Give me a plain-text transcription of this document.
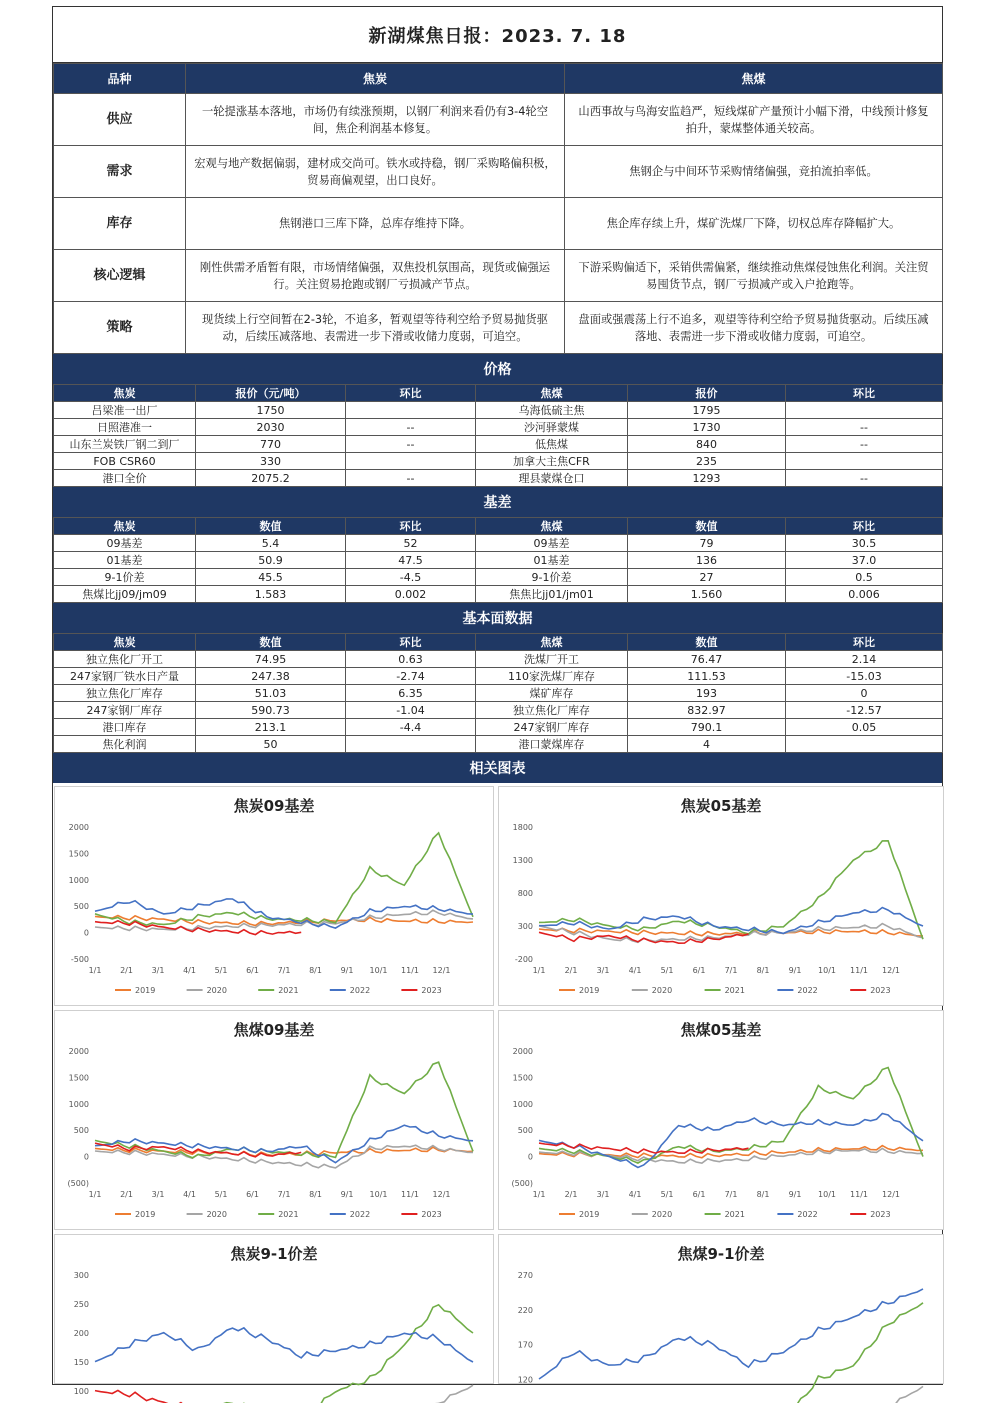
新湖煤焦日报：2023. 7. 18
品种	焦炭	焦煤
供应	一轮提涨基本落地，市场仍有续涨预期，以钢厂利润来看仍有3-4轮空间，焦企利润基本修复。	山西事故与鸟海安监趋严，短线煤矿产量预计小幅下滑，中线预计修复拍升，蒙煤整体通关较高。
需求	宏观与地产数据偏弱，建材成交尚可。铁水或持稳，钢厂采购略偏积极，贸易商偏观望，出口良好。	焦钢企与中间环节采购情绪偏强，竞拍流拍率低。
库存	焦钢港口三库下降，总库存维持下降。	焦企库存续上升，煤矿洗煤厂下降，切权总库存降幅扩大。
核心逻辑	刚性供需矛盾暂有限，市场情绪偏强，双焦投机氛围高，现货或偏强运行。关注贸易抢跑或钢厂亏损减产节点。	下游采购偏适下，采销供需偏紧，继续推动焦煤侵蚀焦化利润。关注贸易囤货节点，钢厂亏损减产或入户抢跑等。
策略	现货续上行空间暂在2-3轮，不追多，暂观望等待利空给予贸易抛货驱动，后续压减落地、表需进一步下滑或收储力度弱，可追空。	盘面或强震荡上行不追多，观望等待利空给予贸易抛货驱动。后续压减落地、表需进一步下滑或收储力度弱，可追空。
价格
焦炭	报价（元/吨）	环比	焦煤	报价	环比
吕梁准一出厂	1750		乌海低硫主焦	1795	
日照港准一	2030	--	沙河驿蒙煤	1730	--
山东兰炭铁厂钢二到厂	770	--	低焦煤	840	--
FOB CSR60	330		加拿大主焦CFR	235	
港口全价	2075.2	--	理县蒙煤仓口	1293	--
基差
焦炭	数值	环比	焦煤	数值	环比
09基差	5.4	52	09基差	79	30.5
01基差	50.9	47.5	01基差	136	37.0
9-1价差	45.5	-4.5	9-1价差	27	0.5
焦煤比jj09/jm09	1.583	0.002	焦焦比jj01/jm01	1.560	0.006
基本面数据
焦炭	数值	环比	焦煤	数值	环比
独立焦化厂开工	74.95	0.63	洗煤厂开工	76.47	2.14
247家钢厂铁水日产量	247.38	-2.74	110家洗煤厂库存	111.53	-15.03
独立焦化厂库存	51.03	6.35	煤矿库存	193	0
247家钢厂库存	590.73	-1.04	独立焦化厂库存	832.97	-12.57
港口库存	213.1	-4.4	247家钢厂库存	790.1	0.05
焦化利润	50		港口蒙煤库存	4	
相关图表
2000
1500
1000
500
0
-500
1/1 2/1 3/1 4/1 5/1 6/1 7/1 8/1 9/1 10/1 11/1 12/1
2019	2020	2021	2022	2023
焦炭09基差
1800
1300
800
300
-200
1/1 2/1 3/1 4/1 5/1 6/1 7/1 8/1 9/1 10/1 11/1 12/1
2019	2020	2021	2022	2023
焦炭05基差
2000
1500
1000
500
0
(500)
1/1 2/1 3/1 4/1 5/1 6/1 7/1 8/1 9/1 10/1 11/1 12/1
2019	2020	2021	2022	2023
焦煤09基差
2000
1500
1000
500
0
(500)
1/1 2/1 3/1 4/1 5/1 6/1 7/1 8/1 9/1 10/1 11/1 12/1
2019	2020	2021	2022	2023
焦煤05基差
300
250
200
150
100
焦炭9-1价差
270
220
170
120
焦煤9-1价差
